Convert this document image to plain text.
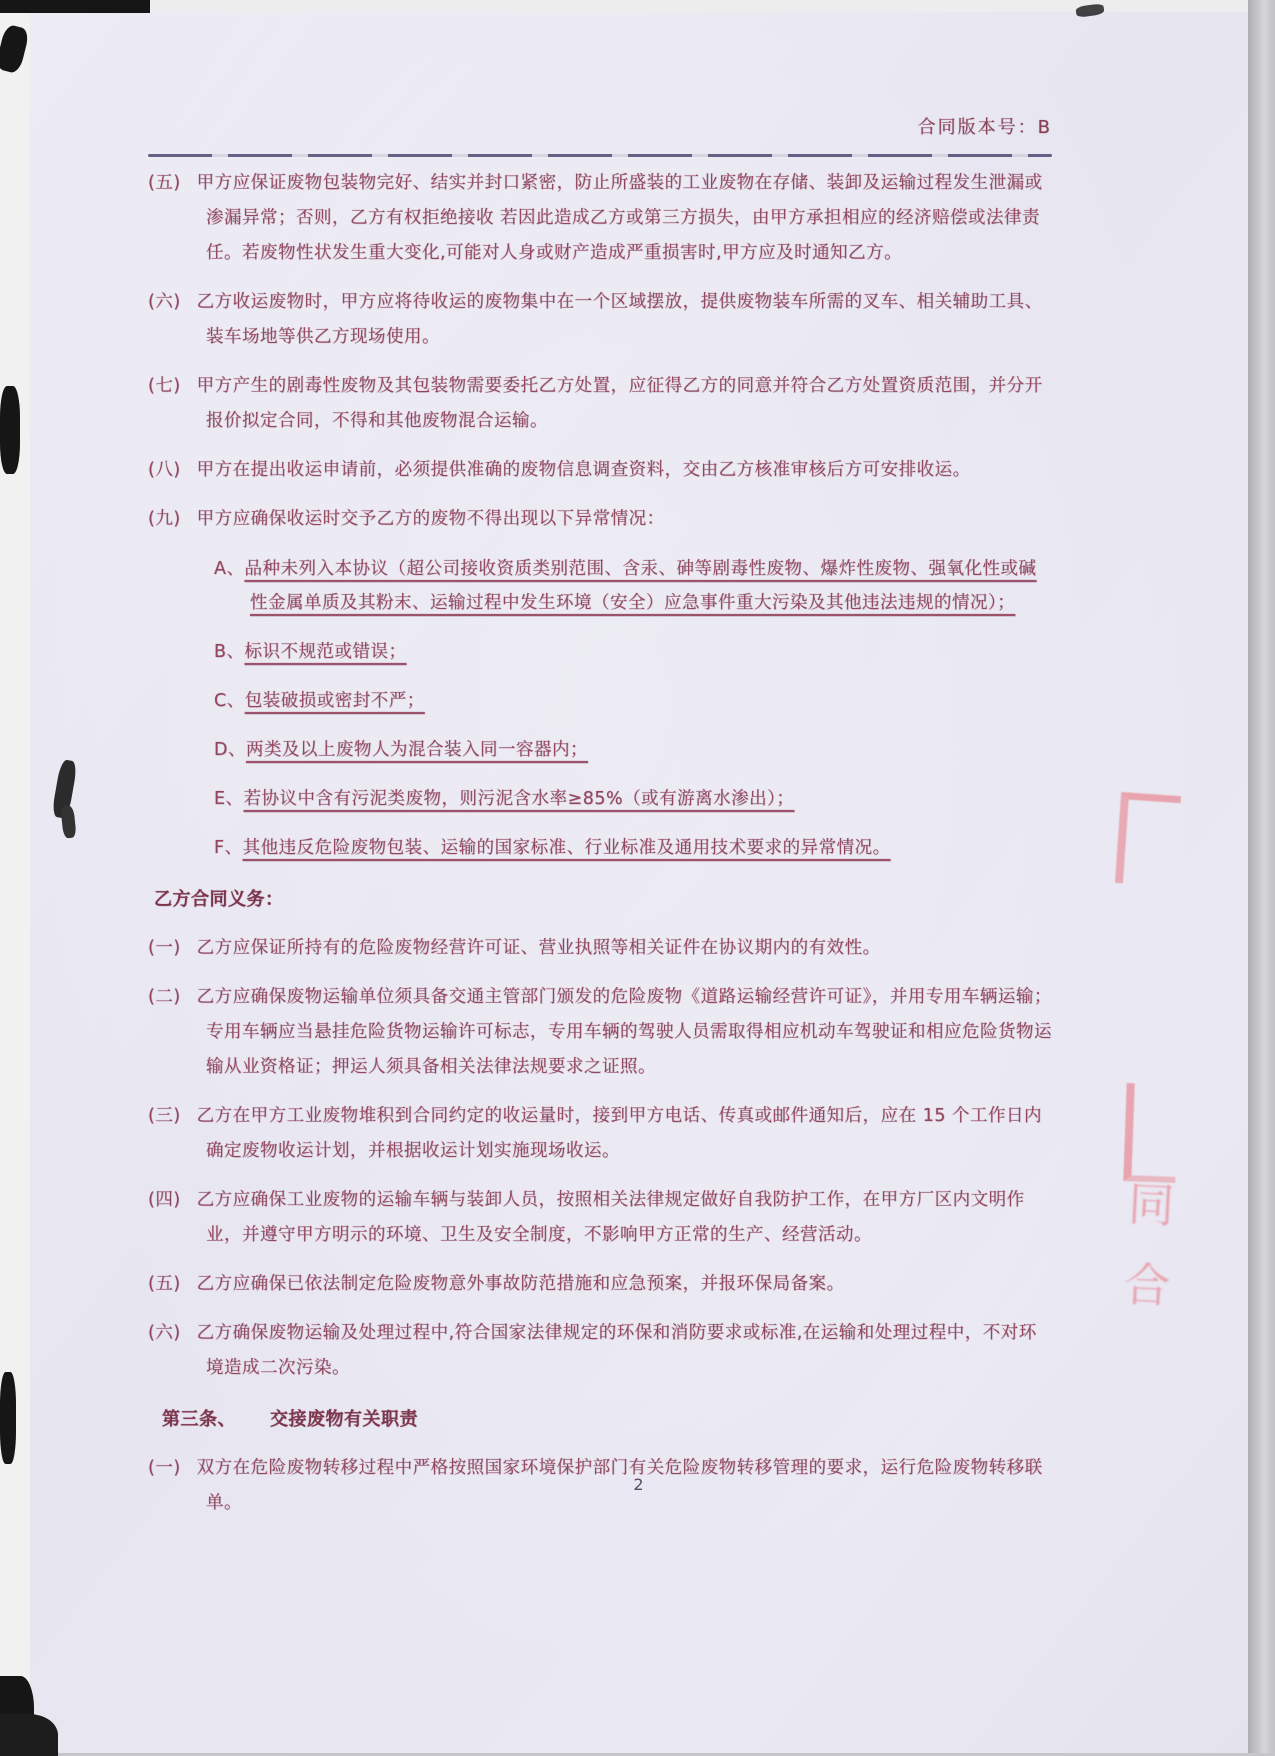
合同版本号：B
(五) 甲方应保证废物包装物完好、结实并封口紧密，防止所盛装的工业废物在存储、装卸及运输过程发生泄漏或渗漏异常；否则，乙方有权拒绝接收 若因此造成乙方或第三方损失，由甲方承担相应的经济赔偿或法律责任。若废物性状发生重大变化,可能对人身或财产造成严重损害时,甲方应及时通知乙方。
(六) 乙方收运废物时，甲方应将待收运的废物集中在一个区域摆放，提供废物装车所需的叉车、相关辅助工具、装车场地等供乙方现场使用。
(七) 甲方产生的剧毒性废物及其包装物需要委托乙方处置，应征得乙方的同意并符合乙方处置资质范围，并分开报价拟定合同，不得和其他废物混合运输。
(八) 甲方在提出收运申请前，必须提供准确的废物信息调查资料，交由乙方核准审核后方可安排收运。
(九) 甲方应确保收运时交予乙方的废物不得出现以下异常情况：
A、品种未列入本协议（超公司接收资质类别范围、含汞、砷等剧毒性废物、爆炸性废物、强氧化性或碱性金属单质及其粉末、运输过程中发生环境（安全）应急事件重大污染及其他违法违规的情况）；
B、标识不规范或错误；
C、包装破损或密封不严；
D、两类及以上废物人为混合装入同一容器内；
E、若协议中含有污泥类废物，则污泥含水率≥85%（或有游离水渗出）；
F、其他违反危险废物包装、运输的国家标准、行业标准及通用技术要求的异常情况。
乙方合同义务：
(一) 乙方应保证所持有的危险废物经营许可证、营业执照等相关证件在协议期内的有效性。
(二) 乙方应确保废物运输单位须具备交通主管部门颁发的危险废物《道路运输经营许可证》，并用专用车辆运输；专用车辆应当悬挂危险货物运输许可标志，专用车辆的驾驶人员需取得相应机动车驾驶证和相应危险货物运输从业资格证；押运人须具备相关法律法规要求之证照。
(三) 乙方在甲方工业废物堆积到合同约定的收运量时，接到甲方电话、传真或邮件通知后，应在 15 个工作日内确定废物收运计划，并根据收运计划实施现场收运。
(四) 乙方应确保工业废物的运输车辆与装卸人员，按照相关法律规定做好自我防护工作，在甲方厂区内文明作业，并遵守甲方明示的环境、卫生及安全制度，不影响甲方正常的生产、经营活动。
(五) 乙方应确保已依法制定危险废物意外事故防范措施和应急预案，并报环保局备案。
(六) 乙方确保废物运输及处理过程中,符合国家法律规定的环保和消防要求或标准,在运输和处理过程中，不对环境造成二次污染。
第三条、 交接废物有关职责
(一) 双方在危险废物转移过程中严格按照国家环境保护部门有关危险废物转移管理的要求，运行危险废物转移联单。
2
同 合
